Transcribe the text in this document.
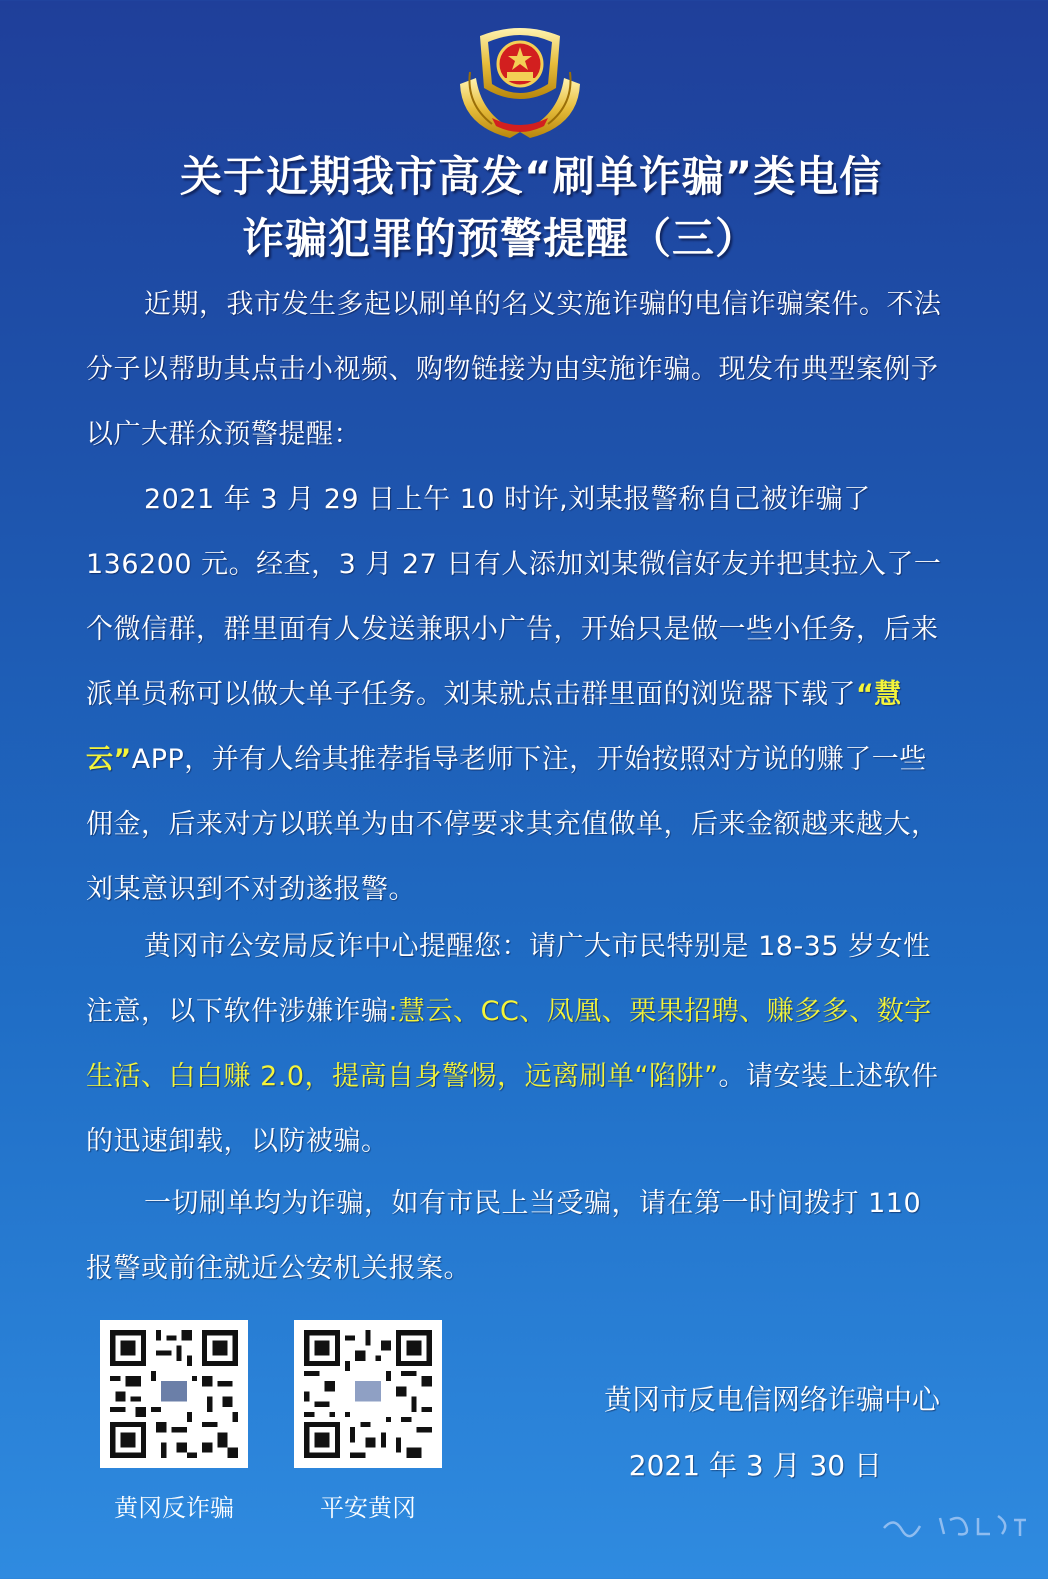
关于近期我市高发“刷单诈骗”类电信
诈骗犯罪的预警提醒（三）

近期，我市发生多起以刷单的名义实施诈骗的电信诈骗案件。不法分子以帮助其点击小视频、购物链接为由实施诈骗。现发布典型案例予以广大群众预警提醒：

2021 年 3 月 29 日上午 10 时许,刘某报警称自己被诈骗了 136200 元。经查，3 月 27 日有人添加刘某微信好友并把其拉入了一个微信群，群里面有人发送兼职小广告，开始只是做一些小任务，后来派单员称可以做大单子任务。刘某就点击群里面的浏览器下载了“慧云”APP，并有人给其推荐指导老师下注，开始按照对方说的赚了一些佣金，后来对方以联单为由不停要求其充值做单，后来金额越来越大，刘某意识到不对劲遂报警。

黄冈市公安局反诈中心提醒您：请广大市民特别是 18-35 岁女性注意，以下软件涉嫌诈骗:慧云、CC、凤凰、栗果招聘、赚多多、数字生活、白白赚 2.0，提高自身警惕，远离刷单“陷阱”。请安装上述软件的迅速卸载，以防被骗。

一切刷单均为诈骗，如有市民上当受骗，请在第一时间拨打 110 报警或前往就近公安机关报案。

黄冈反诈骗	平安黄冈
黄冈市反电信网络诈骗中心
2021 年 3 月 30 日
